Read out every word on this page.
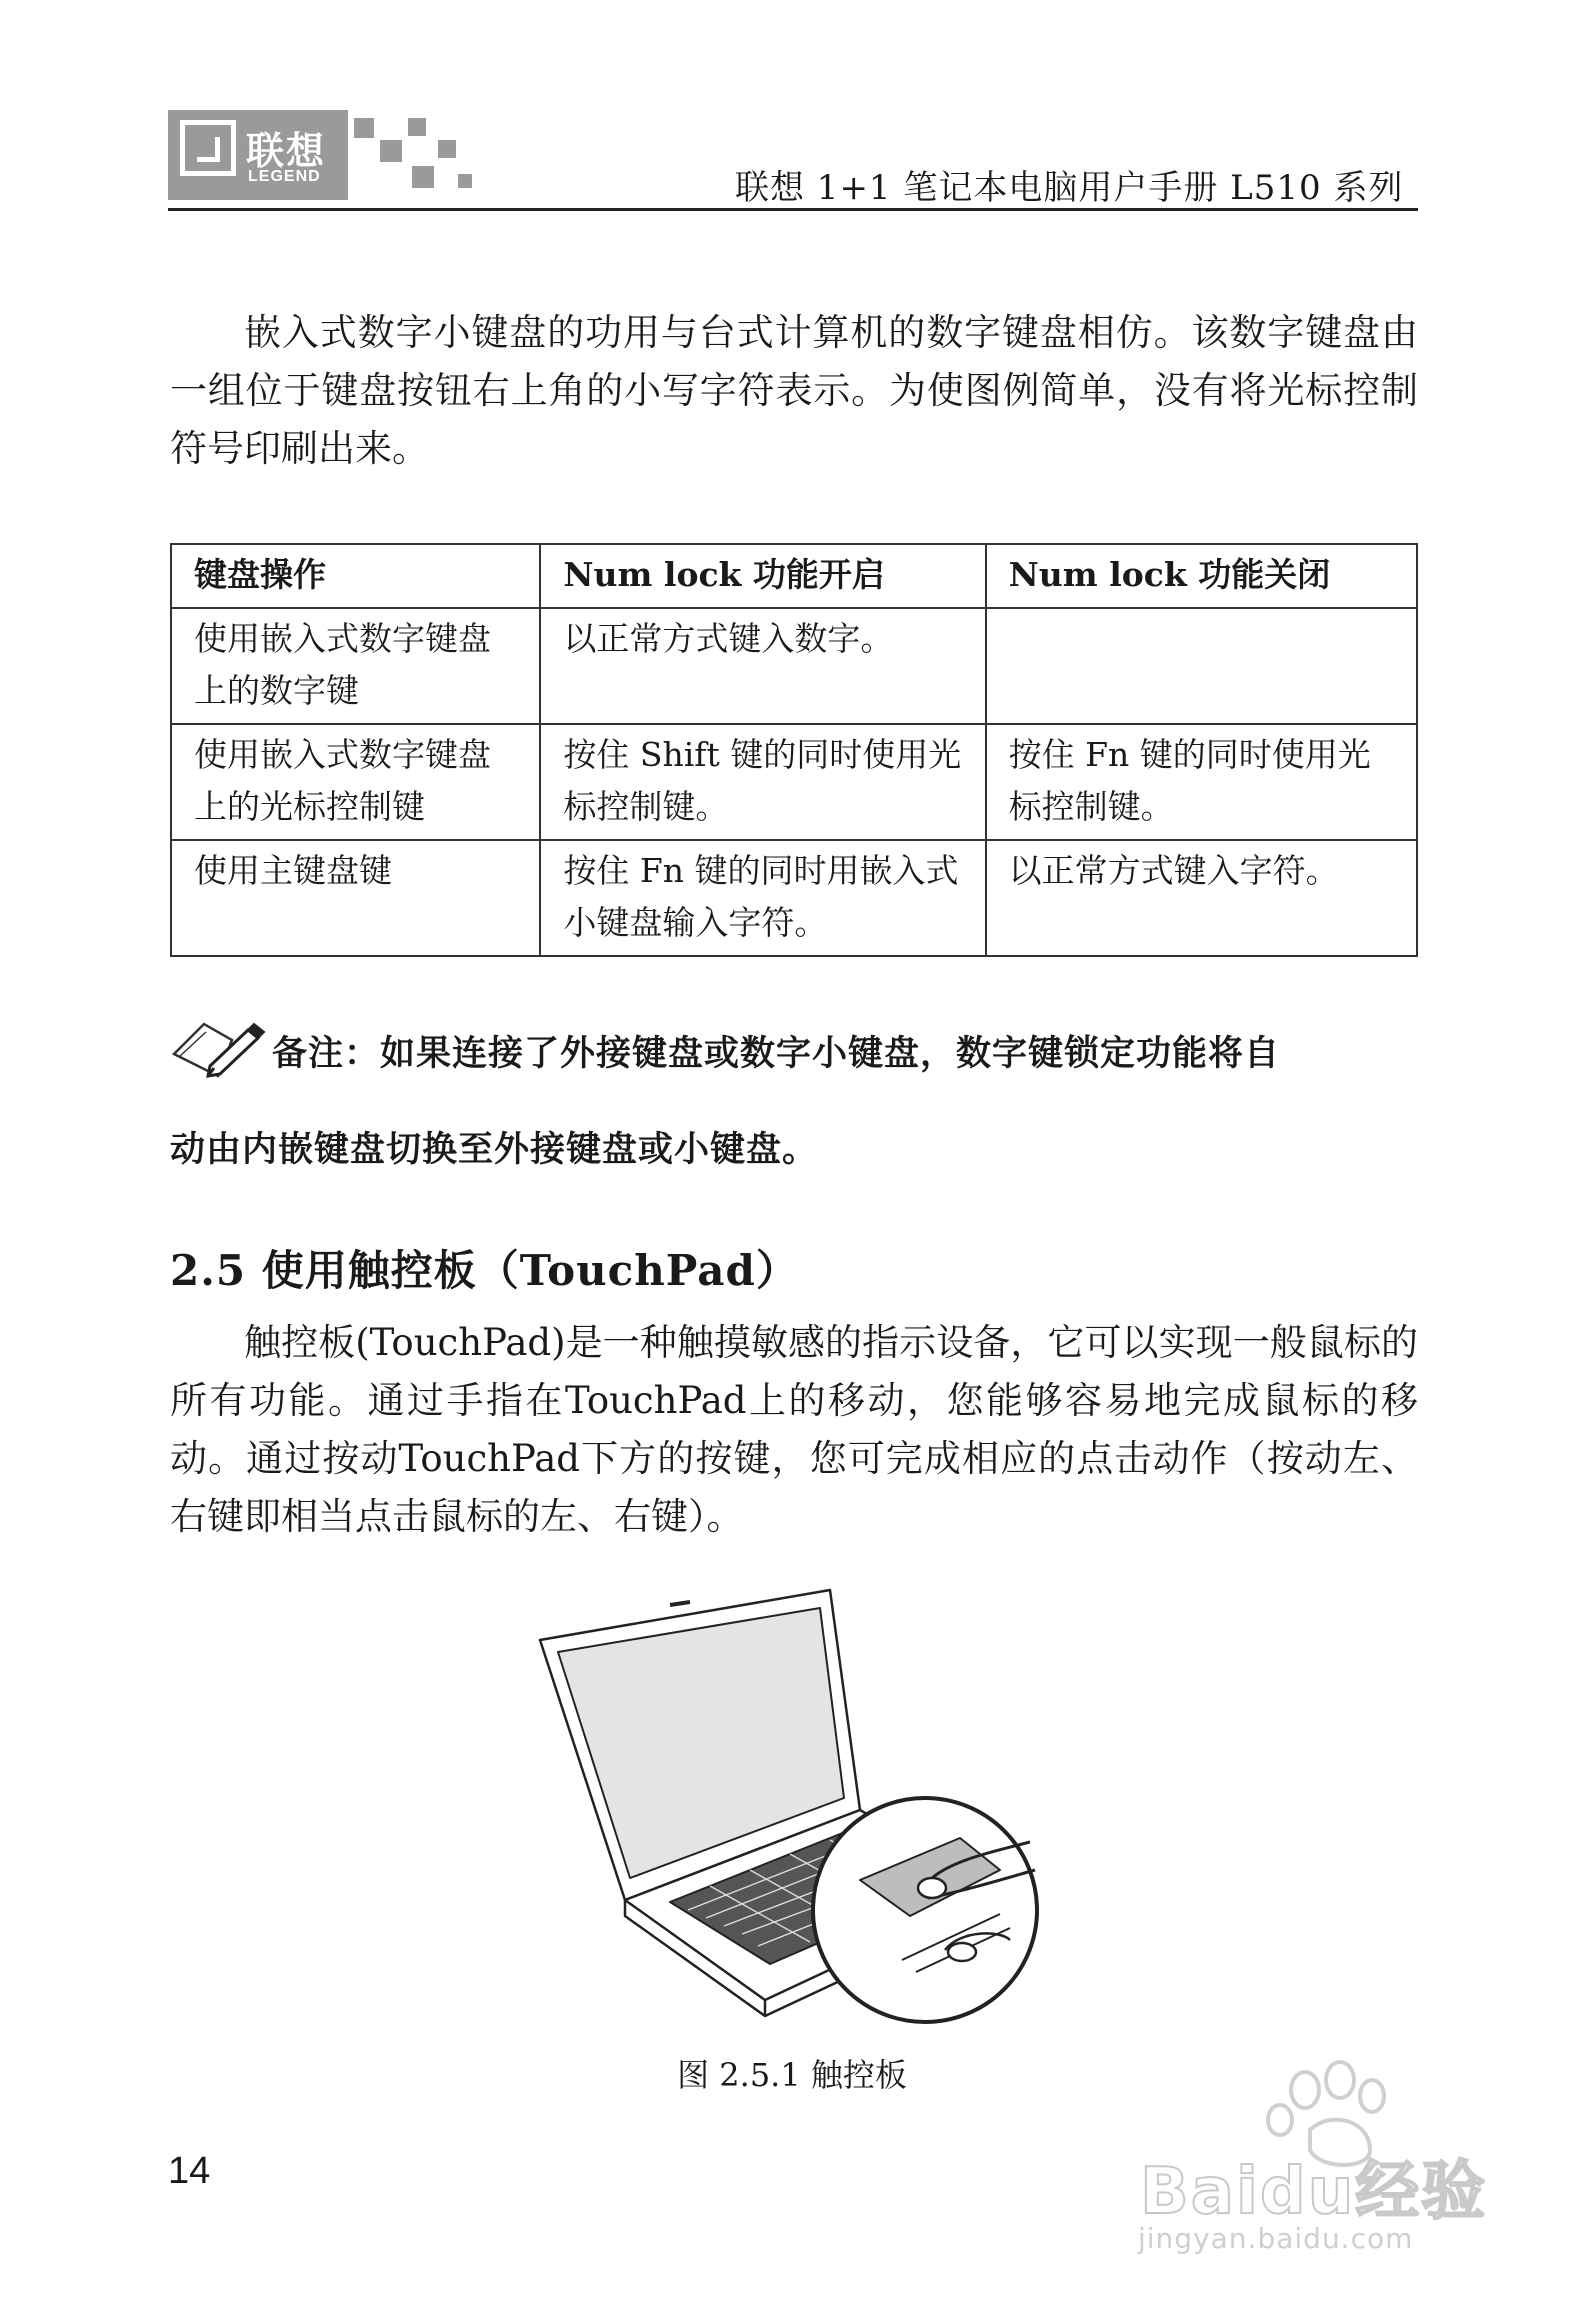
联想
LEGEND	联想 1+1 笔记本电脑用户手册 L510 系列
嵌入式数字小键盘的功用与台式计算机的数字键盘相仿。该数字键盘由一组位于键盘按钮右上角的小写字符表示。为使图例简单，没有将光标控制符号印刷出来。
键盘操作	Num lock 功能开启	Num lock 功能关闭
使用嵌入式数字键盘上的数字键	以正常方式键入数字。	
使用嵌入式数字键盘上的光标控制键	按住 Shift 键的同时使用光标控制键。	按住 Fn 键的同时使用光标控制键。
使用主键盘键	按住 Fn 键的同时用嵌入式小键盘输入字符。	以正常方式键入字符。
备注：如果连接了外接键盘或数字小键盘，数字键锁定功能将自
动由内嵌键盘切换至外接键盘或小键盘。
2.5 使用触控板（TouchPad）
触控板(TouchPad)是一种触摸敏感的指示设备，它可以实现一般鼠标的所有功能。通过手指在TouchPad上的移动，您能够容易地完成鼠标的移动。通过按动TouchPad下方的按键，您可完成相应的点击动作（按动左、右键即相当点击鼠标的左、右键）。
图 2.5.1 触控板
14	Baidu经验
jingyan.baidu.com
